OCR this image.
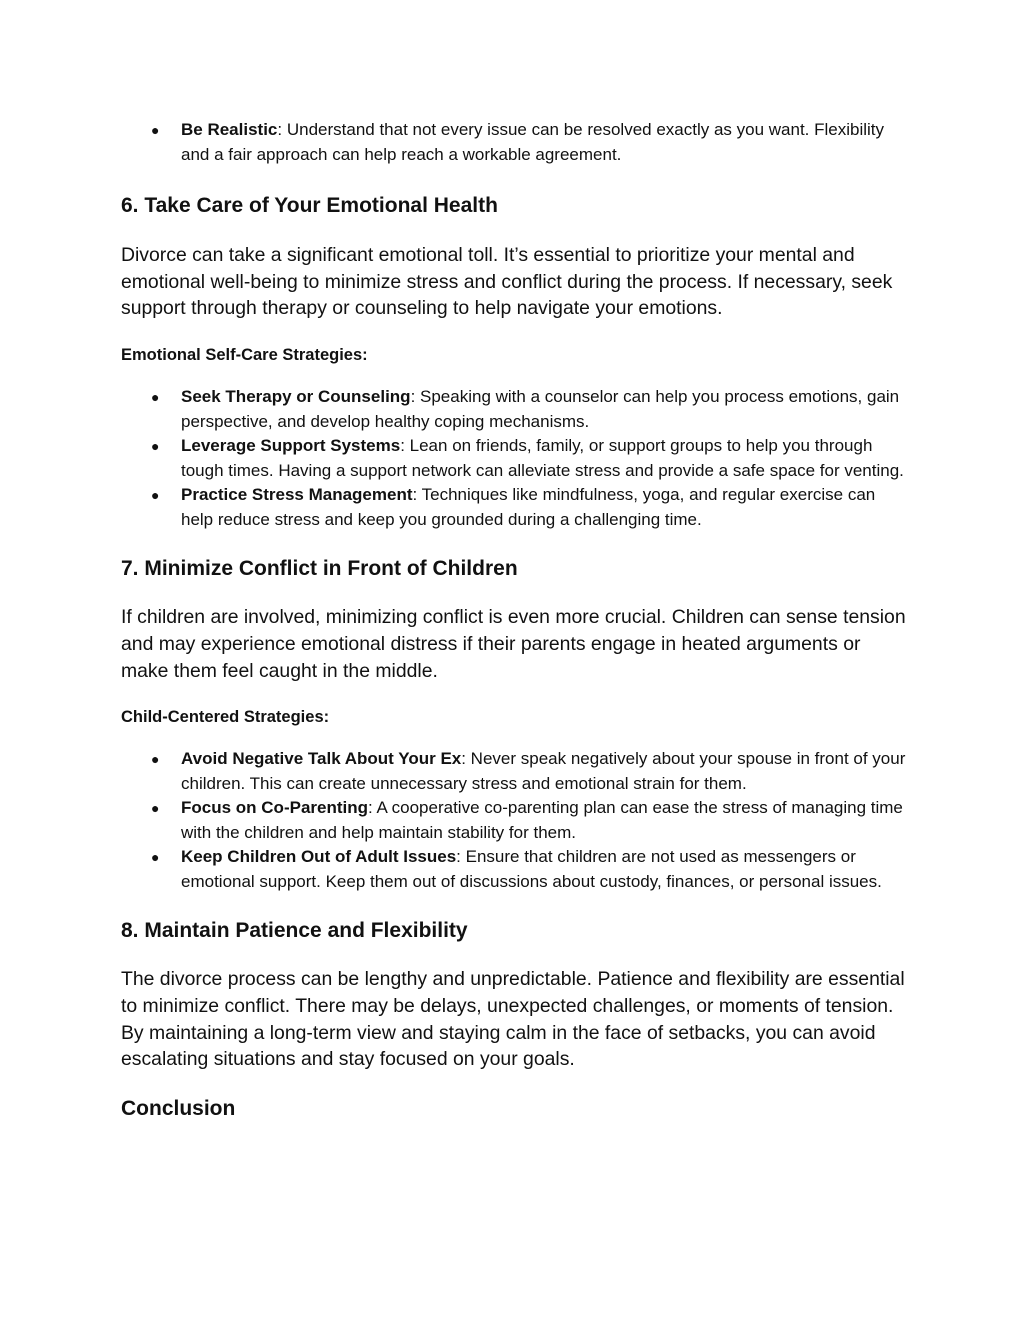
● Be Realistic: Understand that not every issue can be resolved exactly as you want. Flexibility and a fair approach can help reach a workable agreement.
6. Take Care of Your Emotional Health

Divorce can take a significant emotional toll. It’s essential to prioritize your mental and emotional well-being to minimize stress and conflict during the process. If necessary, seek support through therapy or counseling to help navigate your emotions.

Emotional Self-Care Strategies:
● Seek Therapy or Counseling: Speaking with a counselor can help you process emotions, gain perspective, and develop healthy coping mechanisms.
● Leverage Support Systems: Lean on friends, family, or support groups to help you through tough times. Having a support network can alleviate stress and provide a safe space for venting.
● Practice Stress Management: Techniques like mindfulness, yoga, and regular exercise can help reduce stress and keep you grounded during a challenging time.
7. Minimize Conflict in Front of Children

If children are involved, minimizing conflict is even more crucial. Children can sense tension and may experience emotional distress if their parents engage in heated arguments or make them feel caught in the middle.

Child-Centered Strategies:
● Avoid Negative Talk About Your Ex: Never speak negatively about your spouse in front of your children. This can create unnecessary stress and emotional strain for them.
● Focus on Co-Parenting: A cooperative co-parenting plan can ease the stress of managing time with the children and help maintain stability for them.
● Keep Children Out of Adult Issues: Ensure that children are not used as messengers or emotional support. Keep them out of discussions about custody, finances, or personal issues.
8. Maintain Patience and Flexibility

The divorce process can be lengthy and unpredictable. Patience and flexibility are essential to minimize conflict. There may be delays, unexpected challenges, or moments of tension. By maintaining a long-term view and staying calm in the face of setbacks, you can avoid escalating situations and stay focused on your goals.

Conclusion
